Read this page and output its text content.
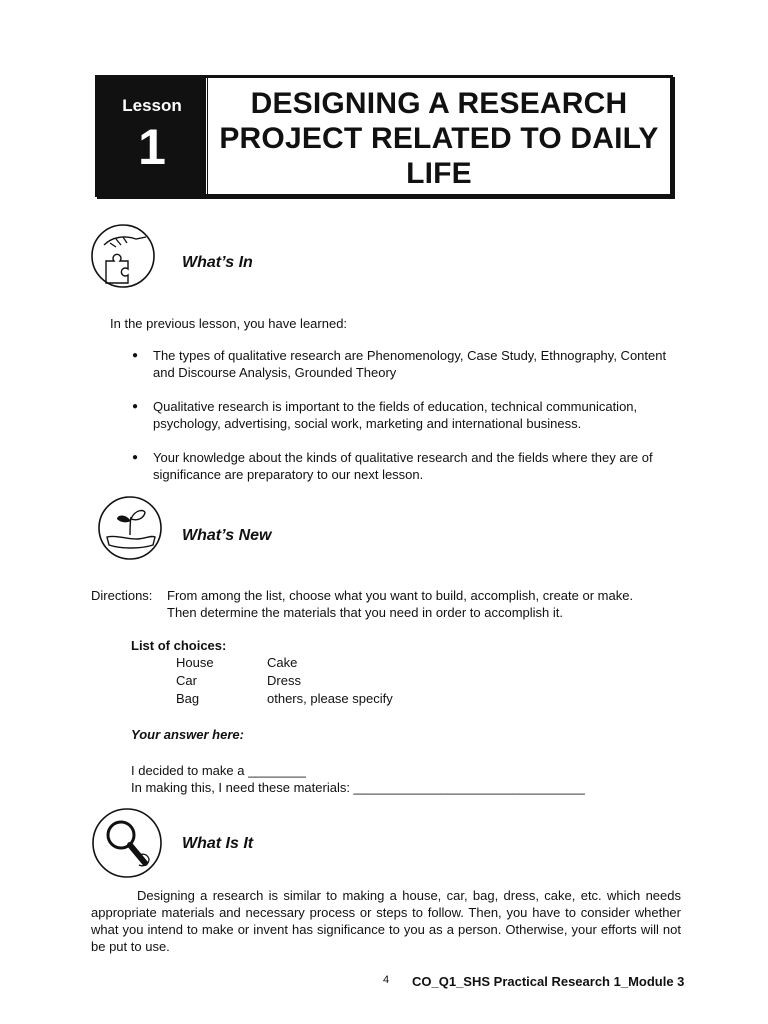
Lesson
1
DESIGNING A RESEARCH PROJECT RELATED TO DAILY LIFE
What’s In
In the previous lesson, you have learned:
● The types of qualitative research are Phenomenology, Case Study, Ethnography, Content and Discourse Analysis, Grounded Theory
● Qualitative research is important to the fields of education, technical communication, psychology, advertising, social work, marketing and international business.
● Your knowledge about the kinds of qualitative research and the fields where they are of significance are preparatory to our next lesson.
What’s New
Directions: From among the list, choose what you want to build, accomplish, create or make.
Then determine the materials that you need in order to accomplish it.
List of choices:
House	Cake
Car	Dress
Bag	others, please specify
Your answer here:
I decided to make a ________
In making this, I need these materials: ________________________________
What Is It
Designing a research is similar to making a house, car, bag, dress, cake, etc. which needs appropriate materials and necessary process or steps to follow. Then, you have to consider whether what you intend to make or invent has significance to you as a person. Otherwise, your efforts will not be put to use.
4 CO_Q1_SHS Practical Research 1_Module 3
